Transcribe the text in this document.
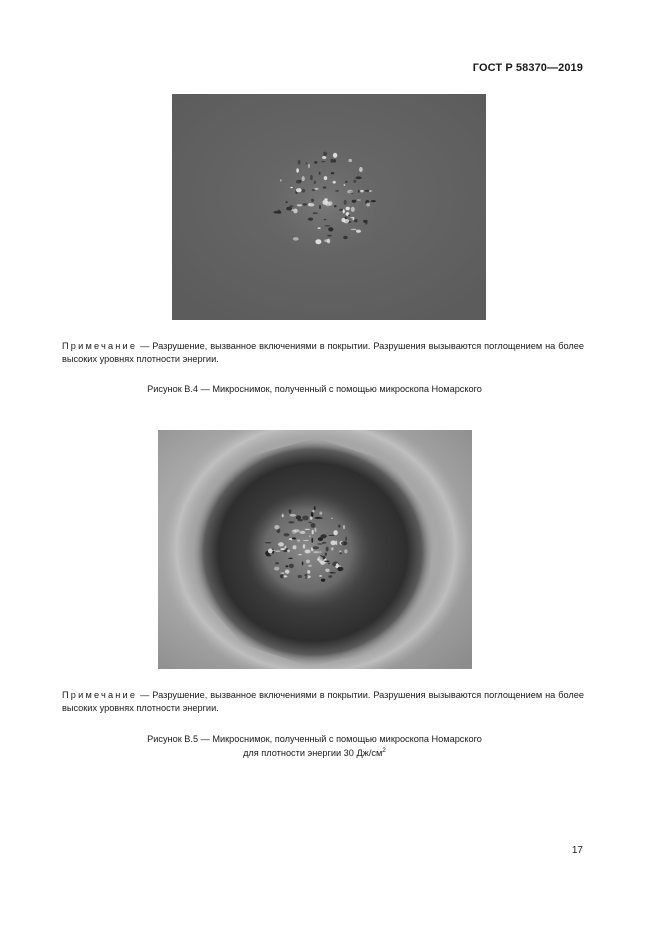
ГОСТ Р 58370—2019
Примечание — Разрушение, вызванное включениями в покрытии. Разрушения вызываются поглощением на более высоких уровнях плотности энергии.
Рисунок В.4 — Микроснимок, полученный с помощью микроскопа Номарского
Примечание — Разрушение, вызванное включениями в покрытии. Разрушения вызываются поглощением на более высоких уровнях плотности энергии.
Рисунок В.5 — Микроснимок, полученный с помощью микроскопа Номарского
для плотности энергии 30 $Дж/см^2$
17
